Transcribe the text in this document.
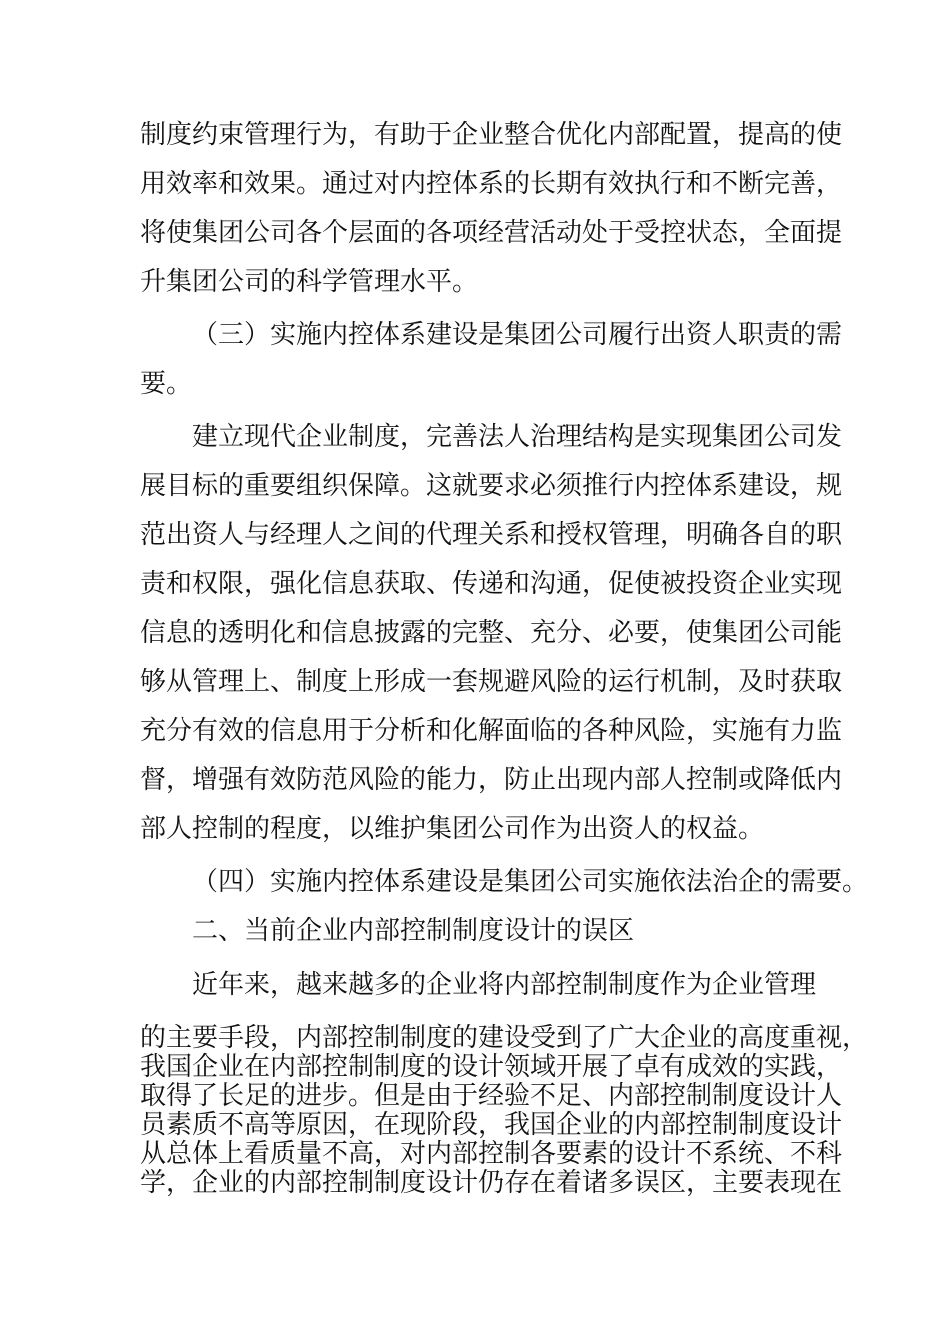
制度约束管理行为，有助于企业整合优化内部配置，提高的使
用效率和效果。通过对内控体系的长期有效执行和不断完善，
将使集团公司各个层面的各项经营活动处于受控状态，全面提
升集团公司的科学管理水平。
（三）实施内控体系建设是集团公司履行出资人职责的需
要。
建立现代企业制度，完善法人治理结构是实现集团公司发
展目标的重要组织保障。这就要求必须推行内控体系建设，规
范出资人与经理人之间的代理关系和授权管理，明确各自的职
责和权限，强化信息获取、传递和沟通，促使被投资企业实现
信息的透明化和信息披露的完整、充分、必要，使集团公司能
够从管理上、制度上形成一套规避风险的运行机制，及时获取
充分有效的信息用于分析和化解面临的各种风险，实施有力监
督，增强有效防范风险的能力，防止出现内部人控制或降低内
部人控制的程度，以维护集团公司作为出资人的权益。
（四）实施内控体系建设是集团公司实施依法治企的需要。
二、当前企业内部控制制度设计的误区
近年来，越来越多的企业将内部控制制度作为企业管理
的主要手段，内部控制制度的建设受到了广大企业的高度重视，
我国企业在内部控制制度的设计领域开展了卓有成效的实践，
取得了长足的进步。但是由于经验不足、内部控制制度设计人
员素质不高等原因，在现阶段，我国企业的内部控制制度设计
从总体上看质量不高，对内部控制各要素的设计不系统、不科
学，企业的内部控制制度设计仍存在着诸多误区，主要表现在
